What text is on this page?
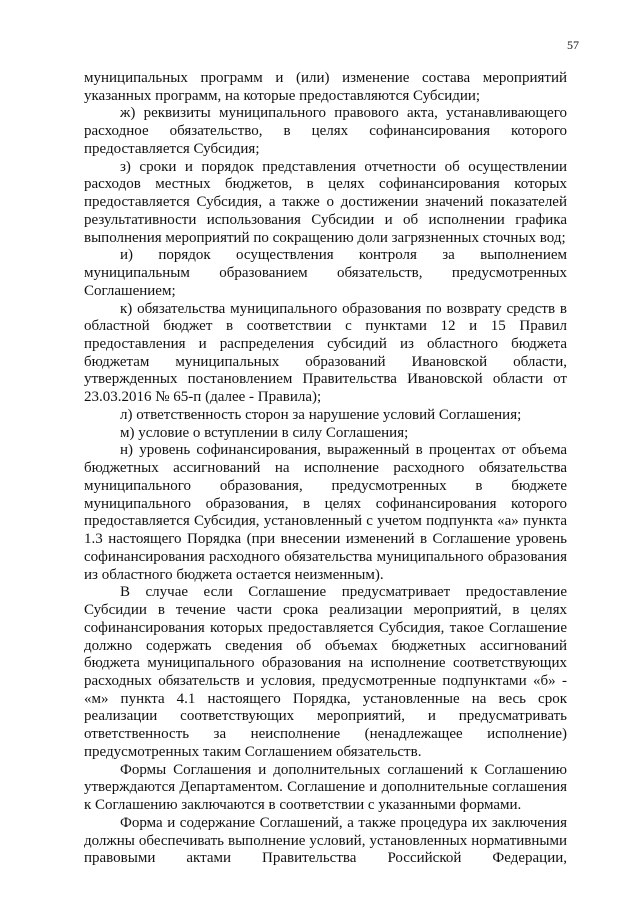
57

муниципальных программ и (или) изменение состава мероприятий указанных программ, на которые предоставляются Субсидии;

ж) реквизиты муниципального правового акта, устанавливающего расходное обязательство, в целях софинансирования которого предоставляется Субсидия;

з) сроки и порядок представления отчетности об осуществлении расходов местных бюджетов, в целях софинансирования которых предоставляется Субсидия, а также о достижении значений показателей результативности использования Субсидии и об исполнении графика выполнения мероприятий по сокращению доли загрязненных сточных вод;

и) порядок осуществления контроля за выполнением муниципальным образованием обязательств, предусмотренных Соглашением;

к) обязательства муниципального образования по возврату средств в областной бюджет в соответствии с пунктами 12 и 15 Правил предоставления и распределения субсидий из областного бюджета бюджетам муниципальных образований Ивановской области, утвержденных постановлением Правительства Ивановской области от 23.03.2016 № 65-п (далее - Правила);

л) ответственность сторон за нарушение условий Соглашения;

м) условие о вступлении в силу Соглашения;

н) уровень софинансирования, выраженный в процентах от объема бюджетных ассигнований на исполнение расходного обязательства муниципального образования, предусмотренных в бюджете муниципального образования, в целях софинансирования которого предоставляется Субсидия, установленный с учетом подпункта «а» пункта 1.3 настоящего Порядка (при внесении изменений в Соглашение уровень софинансирования расходного обязательства муниципального образования из областного бюджета остается неизменным).

В случае если Соглашение предусматривает предоставление Субсидии в течение части срока реализации мероприятий, в целях софинансирования которых предоставляется Субсидия, такое Соглашение должно содержать сведения об объемах бюджетных ассигнований бюджета муниципального образования на исполнение соответствующих расходных обязательств и условия, предусмотренные подпунктами «б» - «м» пункта 4.1 настоящего Порядка, установленные на весь срок реализации соответствующих мероприятий, и предусматривать ответственность за неисполнение (ненадлежащее исполнение) предусмотренных таким Соглашением обязательств.

Формы Соглашения и дополнительных соглашений к Соглашению утверждаются Департаментом. Соглашение и дополнительные соглашения к Соглашению заключаются в соответствии с указанными формами.

Форма и содержание Соглашений, а также процедура их заключения должны обеспечивать выполнение условий, установленных нормативными правовыми актами Правительства Российской Федерации,
